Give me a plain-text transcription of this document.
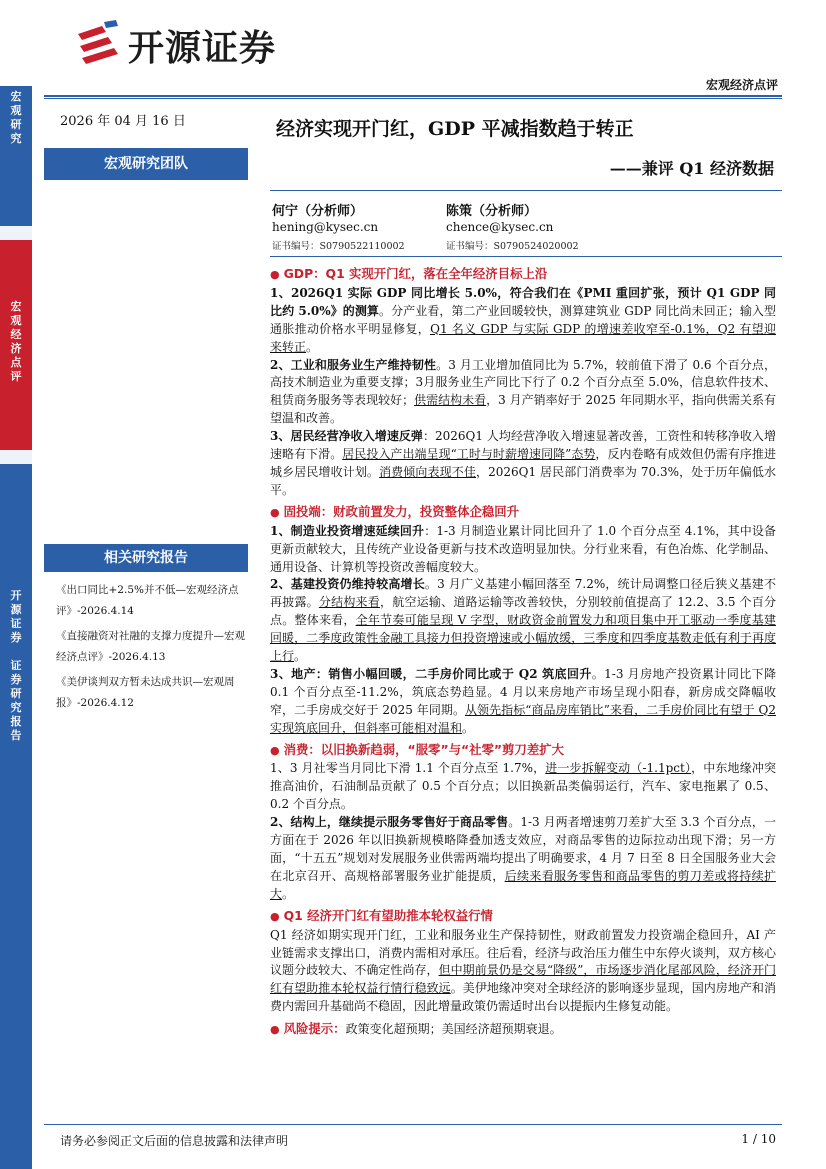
开源证券
宏观经济点评
宏
观
研
究
宏
观
经
济
点
评
开
源
证
券

证
券
研
究
报
告
2026 年 04 月 16 日
宏观研究团队
经济实现开门红，GDP 平减指数趋于转正
——兼评 Q1 经济数据
何宁（分析师）
hening@kysec.cn
证书编号：S0790522110002
陈策（分析师）
chence@kysec.cn
证书编号：S0790524020002
相关研究报告
《出口同比+2.5%并不低—宏观经济点评》-2026.4.14
《直接融资对社融的支撑力度提升—宏观经济点评》-2026.4.13
《美伊谈判双方暂未达成共识—宏观周报》-2026.4.12

● GDP：Q1 实现开门红，落在全年经济目标上沿

1、2026Q1 实际 GDP 同比增长 5.0%，符合我们在《PMI 重回扩张，预计 Q1 GDP 同比约 5.0%》的测算。分产业看，第二产业回暖较快，测算建筑业 GDP 同比尚未回正；输入型通胀推动价格水平明显修复，Q1 名义 GDP 与实际 GDP 的增速差收窄至-0.1%，Q2 有望迎来转正。

2、工业和服务业生产维持韧性。3 月工业增加值同比为 5.7%，较前值下滑了 0.6 个百分点，高技术制造业为重要支撑；3月服务业生产同比下行了 0.2 个百分点至 5.0%，信息软件技术、租赁商务服务等表现较好；供需结构未看，3 月产销率好于 2025 年同期水平，指向供需关系有望温和改善。

3、居民经营净收入增速反弹：2026Q1 人均经营净收入增速显著改善，工资性和转移净收入增速略有下滑。居民投入产出端呈现“工时与时薪增速同降”态势，反内卷略有成效但仍需有序推进城乡居民增收计划。消费倾向表现不佳，2026Q1 居民部门消费率为 70.3%，处于历年偏低水平。

● 固投端：财政前置发力，投资整体企稳回升

1、制造业投资增速延续回升：1-3 月制造业累计同比回升了 1.0 个百分点至 4.1%，其中设备更新贡献较大，且传统产业设备更新与技术改造明显加快。分行业来看，有色冶炼、化学制品、通用设备、计算机等投资改善幅度较大。

2、基建投资仍维持较高增长。3 月广义基建小幅回落至 7.2%，统计局调整口径后狭义基建不再披露。分结构来看，航空运输、道路运输等改善较快，分别较前值提高了 12.2、3.5 个百分点。整体来看，全年节奏可能呈现 V 字型，财政资金前置发力和项目集中开工驱动一季度基建回暖，二季度政策性金融工具接力但投资增速或小幅放缓，三季度和四季度基数走低有利于再度上行。

3、地产：销售小幅回暖，二手房价同比或于 Q2 筑底回升。1-3 月房地产投资累计同比下降 0.1 个百分点至-11.2%，筑底态势趋显。4 月以来房地产市场呈现小阳春，新房成交降幅收窄，二手房成交好于 2025 年同期。从领先指标“商品房库销比”来看，二手房价同比有望于 Q2 实现筑底回升，但斜率可能相对温和。

● 消费：以旧换新趋弱，“服零”与“社零”剪刀差扩大

1、3 月社零当月同比下滑 1.1 个百分点至 1.7%，进一步拆解变动（-1.1pct），中东地缘冲突推高油价，石油制品贡献了 0.5 个百分点；以旧换新品类偏弱运行，汽车、家电拖累了 0.5、0.2 个百分点。

2、结构上，继续提示服务零售好于商品零售。1-3 月两者增速剪刀差扩大至 3.3 个百分点，一方面在于 2026 年以旧换新规模略降叠加透支效应，对商品零售的边际拉动出现下滑；另一方面，“十五五”规划对发展服务业供需两端均提出了明确要求，4 月 7 日至 8 日全国服务业大会在北京召开、高规格部署服务业扩能提质，后续来看服务零售和商品零售的剪刀差或将持续扩大。

● Q1 经济开门红有望助推本轮权益行情

Q1 经济如期实现开门红，工业和服务业生产保持韧性，财政前置发力投资端企稳回升，AI 产业链需求支撑出口，消费内需相对承压。往后看，经济与政治压力催生中东停火谈判，双方核心议题分歧较大、不确定性尚存，但中期前景仍是交易“降级”，市场逐步消化尾部风险，经济开门红有望助推本轮权益行情行稳致远。美伊地缘冲突对全球经济的影响逐步显现，国内房地产和消费内需回升基础尚不稳固，因此增量政策仍需适时出台以提振内生修复动能。

● 风险提示：政策变化超预期；美国经济超预期衰退。

请务必参阅正文后面的信息披露和法律声明	1 / 10
